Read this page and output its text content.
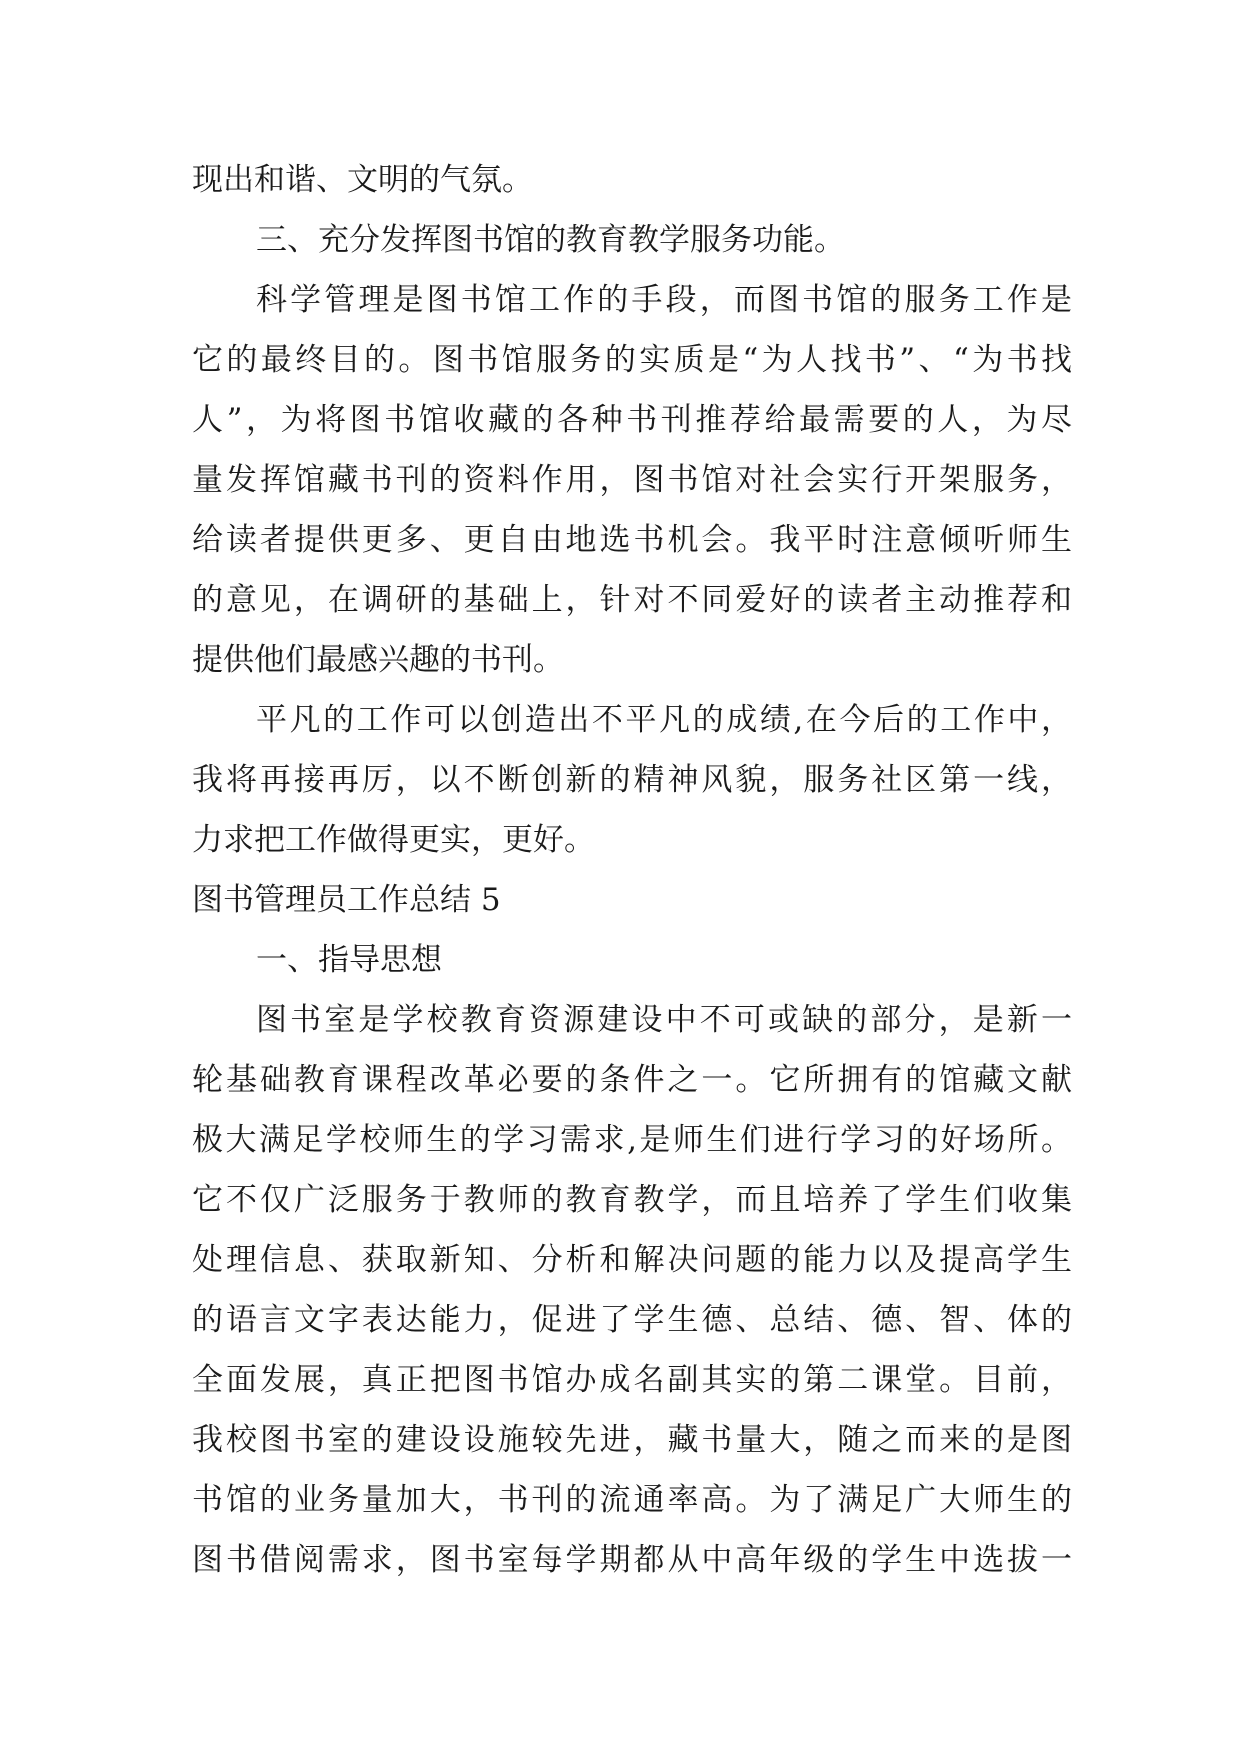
现出和谐、文明的气氛。
三、充分发挥图书馆的教育教学服务功能。
科学管理是图书馆工作的手段，而图书馆的服务工作是
它的最终目的。图书馆服务的实质是“为人找书”、“为书找
人”，为将图书馆收藏的各种书刊推荐给最需要的人，为尽
量发挥馆藏书刊的资料作用，图书馆对社会实行开架服务，
给读者提供更多、更自由地选书机会。我平时注意倾听师生
的意见，在调研的基础上，针对不同爱好的读者主动推荐和
提供他们最感兴趣的书刊。
平凡的工作可以创造出不平凡的成绩,在今后的工作中，
我将再接再厉，以不断创新的精神风貌，服务社区第一线，
力求把工作做得更实，更好。
图书管理员工作总结 5
一、指导思想
图书室是学校教育资源建设中不可或缺的部分，是新一
轮基础教育课程改革必要的条件之一。它所拥有的馆藏文献
极大满足学校师生的学习需求,是师生们进行学习的好场所。
它不仅广泛服务于教师的教育教学，而且培养了学生们收集
处理信息、获取新知、分析和解决问题的能力以及提高学生
的语言文字表达能力，促进了学生德、总结、德、智、体的
全面发展，真正把图书馆办成名副其实的第二课堂。目前，
我校图书室的建设设施较先进，藏书量大，随之而来的是图
书馆的业务量加大，书刊的流通率高。为了满足广大师生的
图书借阅需求，图书室每学期都从中高年级的学生中选拔一
